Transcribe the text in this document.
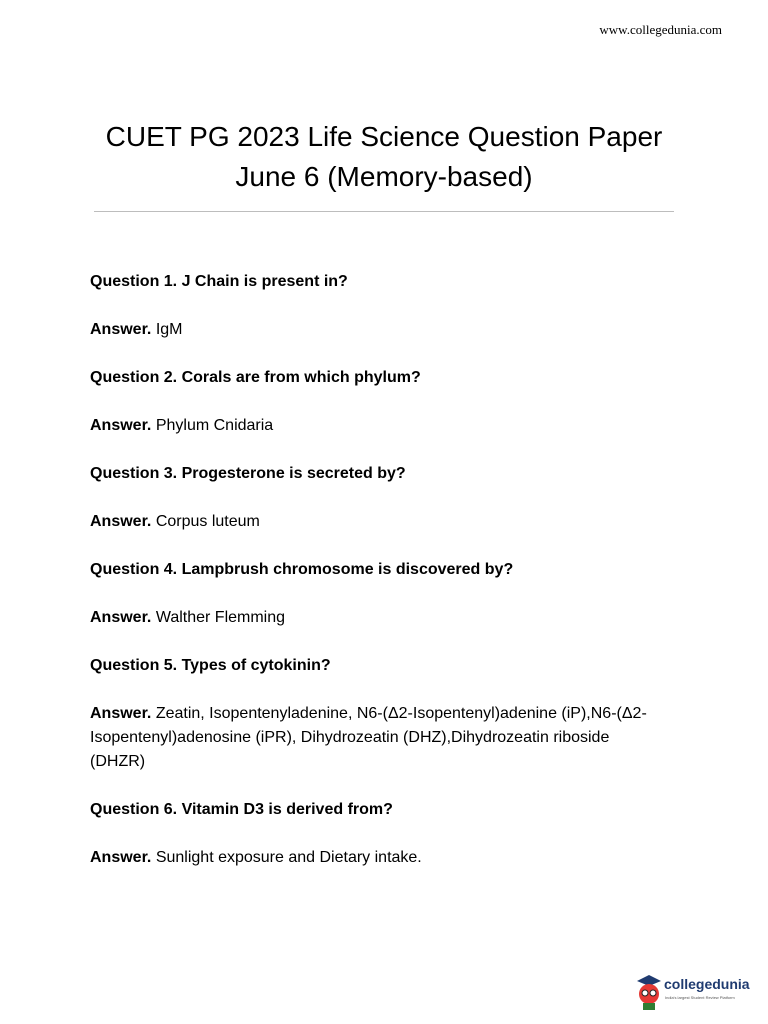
www.collegedunia.com
CUET PG 2023 Life Science Question Paper
June 6 (Memory-based)
Question 1. J Chain is present in?
Answer. IgM
Question 2. Corals are from which phylum?
Answer. Phylum Cnidaria
Question 3. Progesterone is secreted by?
Answer. Corpus luteum
Question 4. Lampbrush chromosome is discovered by?
Answer. Walther Flemming
Question 5. Types of cytokinin?
Answer. Zeatin, Isopentenyladenine, N6-(Δ2-Isopentenyl)adenine (iP),N6-(Δ2-Isopentenyl)adenosine (iPR), Dihydrozeatin (DHZ),Dihydrozeatin riboside (DHZR)
Question 6. Vitamin D3 is derived from?
Answer. Sunlight exposure and Dietary intake.
collegedunia
India's largest Student Review Platform
